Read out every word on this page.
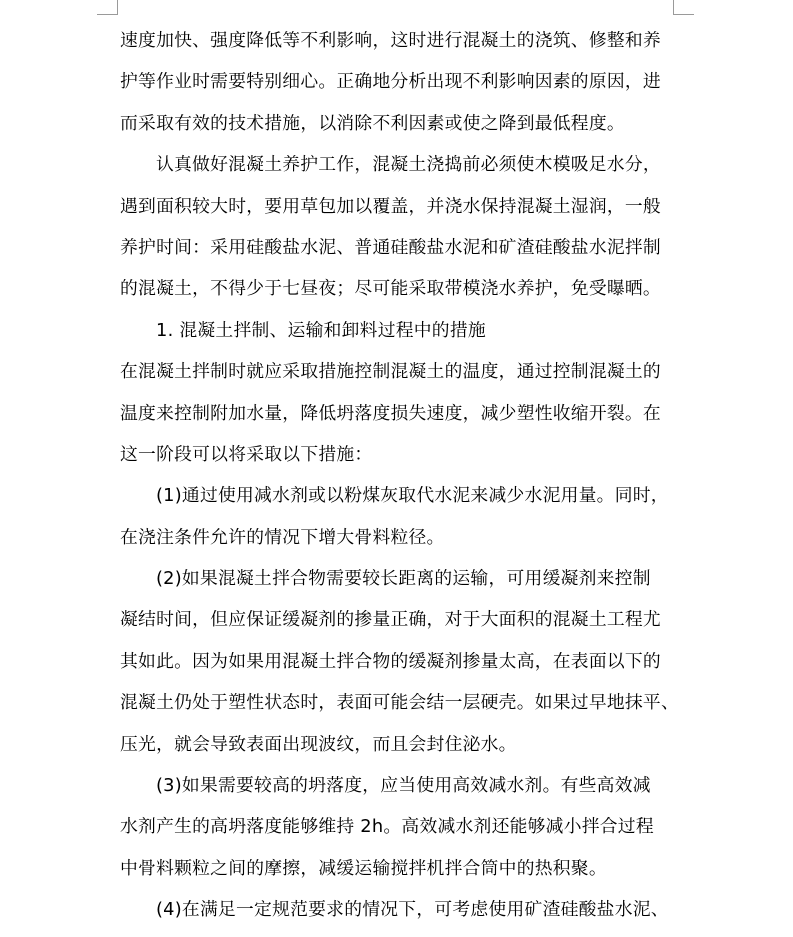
速度加快、强度降低等不利影响，这时进行混凝土的浇筑、修整和养
护等作业时需要特别细心。正确地分析出现不利影响因素的原因，进
而采取有效的技术措施，以消除不利因素或使之降到最低程度。
认真做好混凝土养护工作，混凝土浇捣前必须使木模吸足水分，
遇到面积较大时，要用草包加以覆盖，并浇水保持混凝土湿润，一般
养护时间：采用硅酸盐水泥、普通硅酸盐水泥和矿渣硅酸盐水泥拌制
的混凝土，不得少于七昼夜；尽可能采取带模浇水养护，免受曝晒。
1. 混凝土拌制、运输和卸料过程中的措施
在混凝土拌制时就应采取措施控制混凝土的温度，通过控制混凝土的
温度来控制附加水量，降低坍落度损失速度，减少塑性收缩开裂。在
这一阶段可以将采取以下措施：
(1)通过使用减水剂或以粉煤灰取代水泥来减少水泥用量。同时，
在浇注条件允许的情况下增大骨料粒径。
(2)如果混凝土拌合物需要较长距离的运输，可用缓凝剂来控制
凝结时间，但应保证缓凝剂的掺量正确，对于大面积的混凝土工程尤
其如此。因为如果用混凝土拌合物的缓凝剂掺量太高，在表面以下的
混凝土仍处于塑性状态时，表面可能会结一层硬壳。如果过早地抹平、
压光，就会导致表面出现波纹，而且会封住泌水。
(3)如果需要较高的坍落度，应当使用高效减水剂。有些高效减
水剂产生的高坍落度能够维持 2h。高效减水剂还能够减小拌合过程
中骨料颗粒之间的摩擦，减缓运输搅拌机拌合筒中的热积聚。
(4)在满足一定规范要求的情况下，可考虑使用矿渣硅酸盐水泥、
